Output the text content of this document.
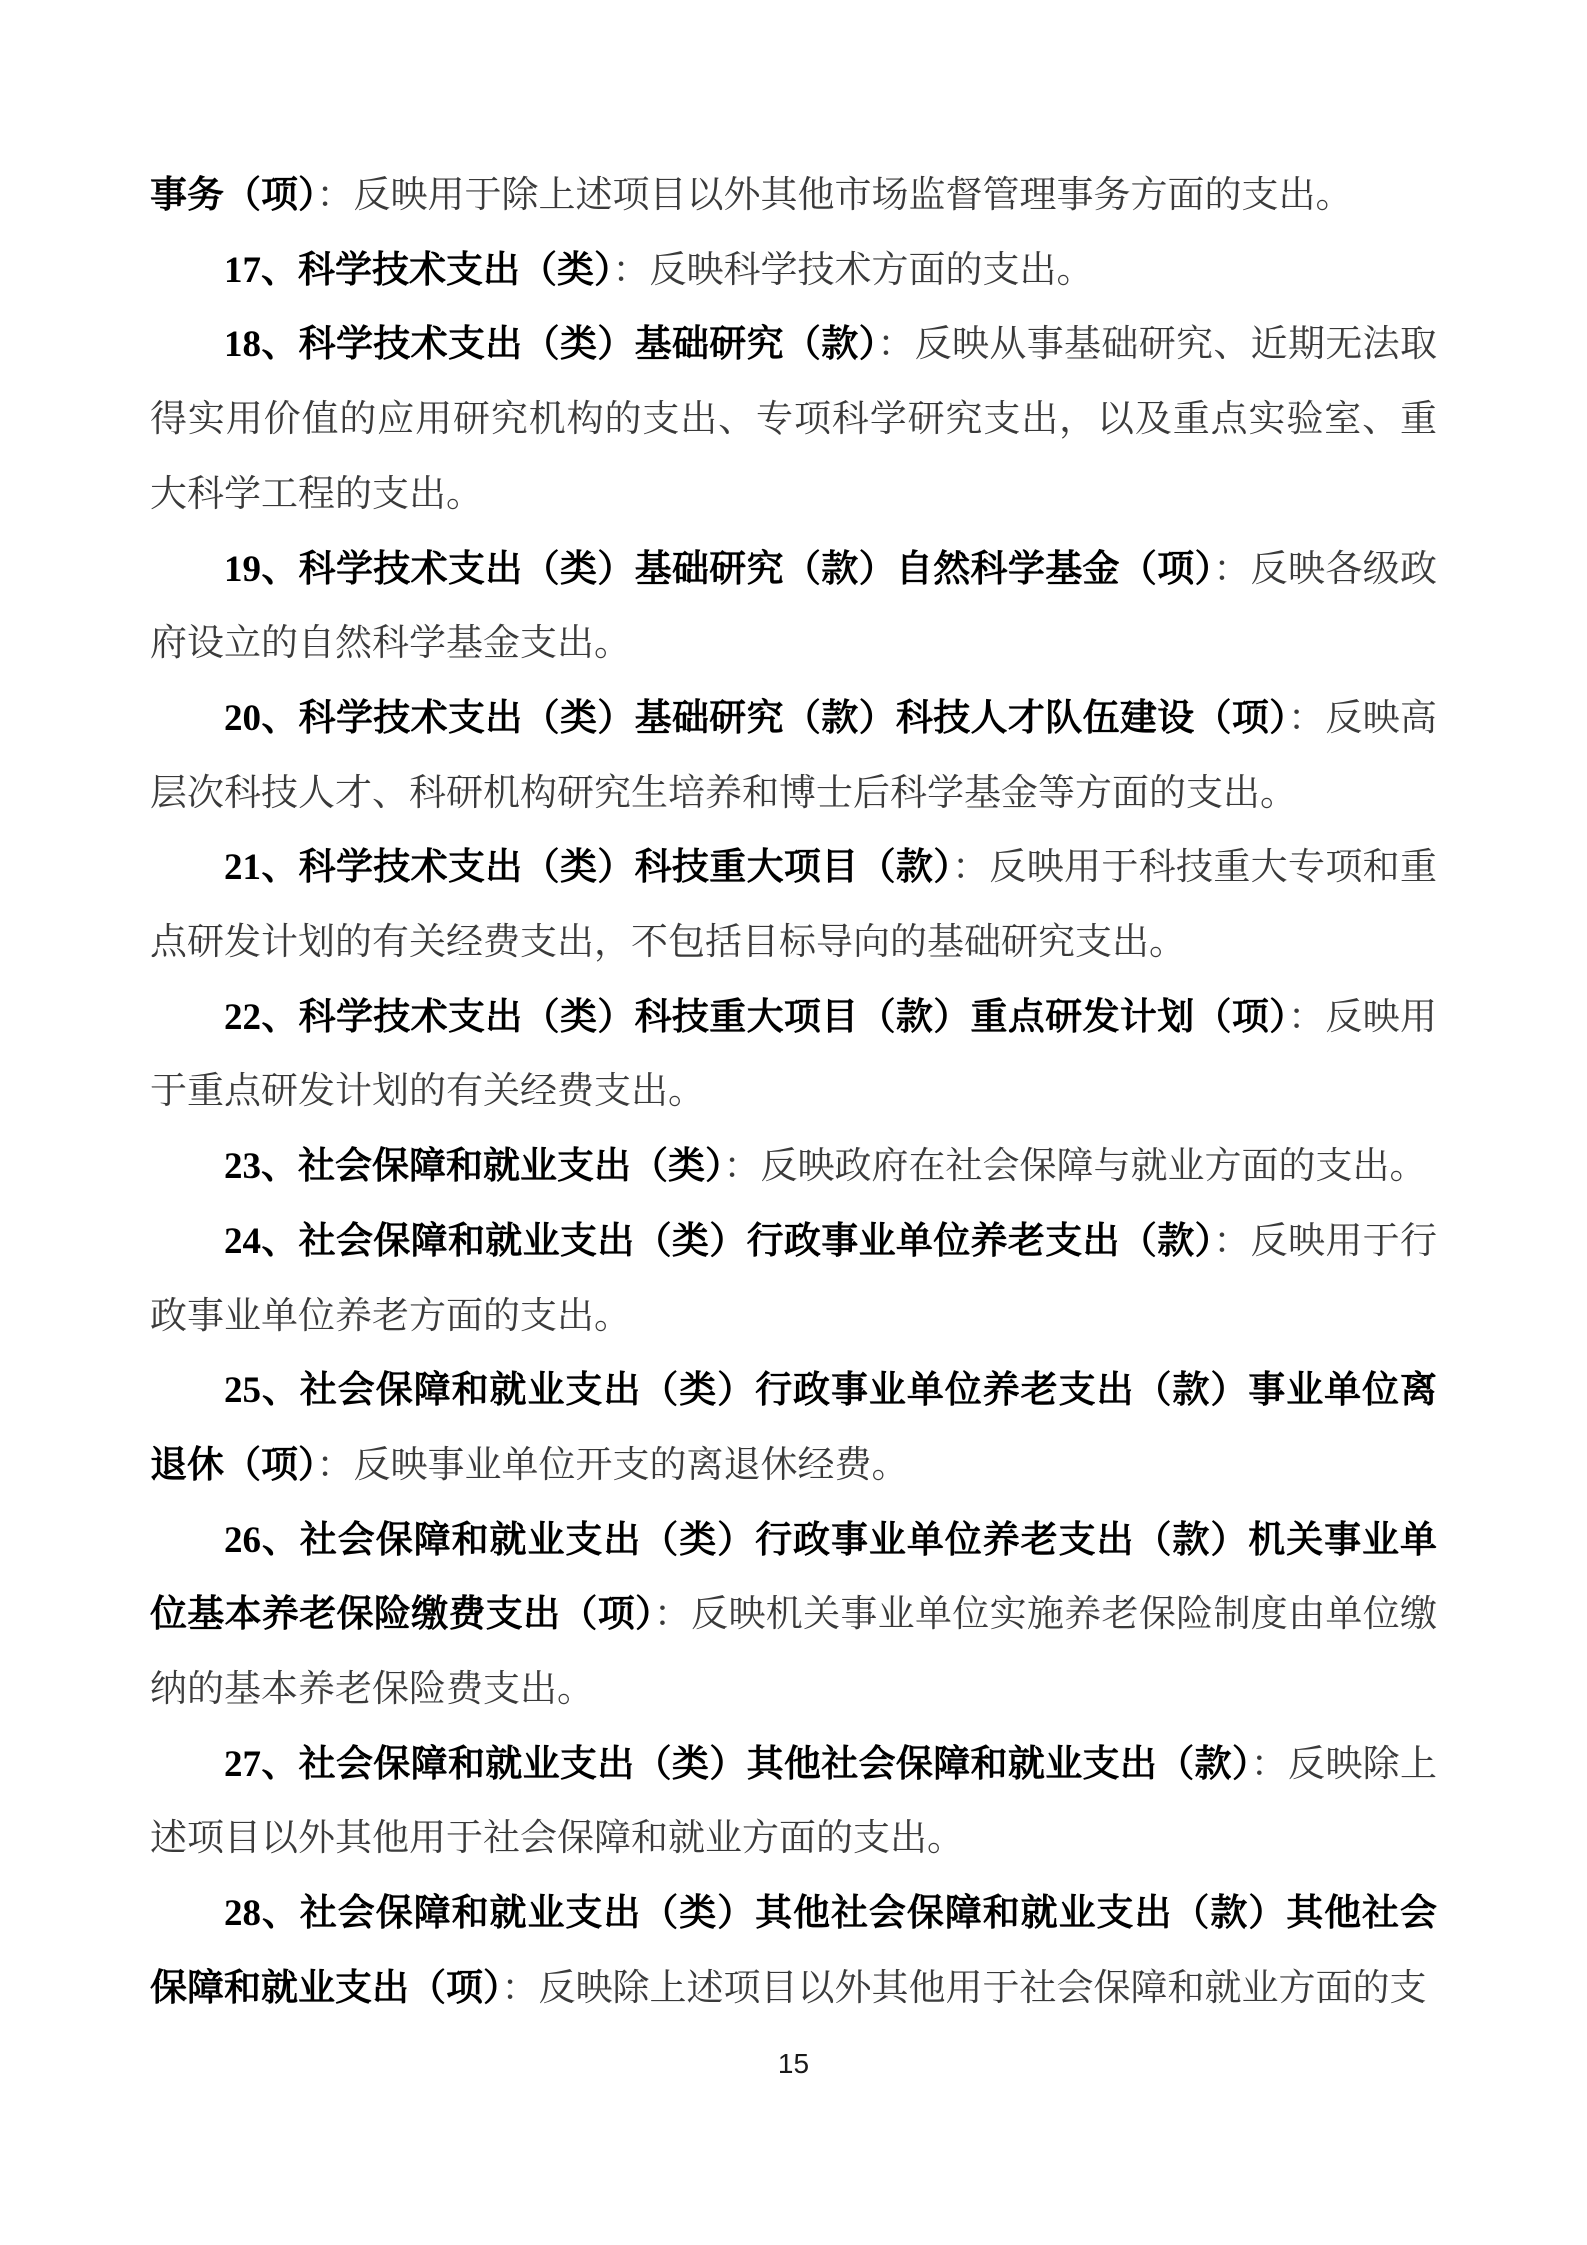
事务（项）：反映用于除上述项目以外其他市场监督管理事务方面的支出。

17、科学技术支出（类）：反映科学技术方面的支出。

18、科学技术支出（类）基础研究（款）：反映从事基础研究、近期无法取得实用价值的应用研究机构的支出、专项科学研究支出，以及重点实验室、重大科学工程的支出。

19、科学技术支出（类）基础研究（款）自然科学基金（项）：反映各级政府设立的自然科学基金支出。

20、科学技术支出（类）基础研究（款）科技人才队伍建设（项）：反映高层次科技人才、科研机构研究生培养和博士后科学基金等方面的支出。

21、科学技术支出（类）科技重大项目（款）：反映用于科技重大专项和重点研发计划的有关经费支出，不包括目标导向的基础研究支出。

22、科学技术支出（类）科技重大项目（款）重点研发计划（项）：反映用于重点研发计划的有关经费支出。

23、社会保障和就业支出（类）：反映政府在社会保障与就业方面的支出。

24、社会保障和就业支出（类）行政事业单位养老支出（款）：反映用于行政事业单位养老方面的支出。

25、社会保障和就业支出（类）行政事业单位养老支出（款）事业单位离退休（项）：反映事业单位开支的离退休经费。

26、社会保障和就业支出（类）行政事业单位养老支出（款）机关事业单位基本养老保险缴费支出（项）：反映机关事业单位实施养老保险制度由单位缴纳的基本养老保险费支出。

27、社会保障和就业支出（类）其他社会保障和就业支出（款）：反映除上述项目以外其他用于社会保障和就业方面的支出。

28、社会保障和就业支出（类）其他社会保障和就业支出（款）其他社会保障和就业支出（项）：反映除上述项目以外其他用于社会保障和就业方面的支

15
